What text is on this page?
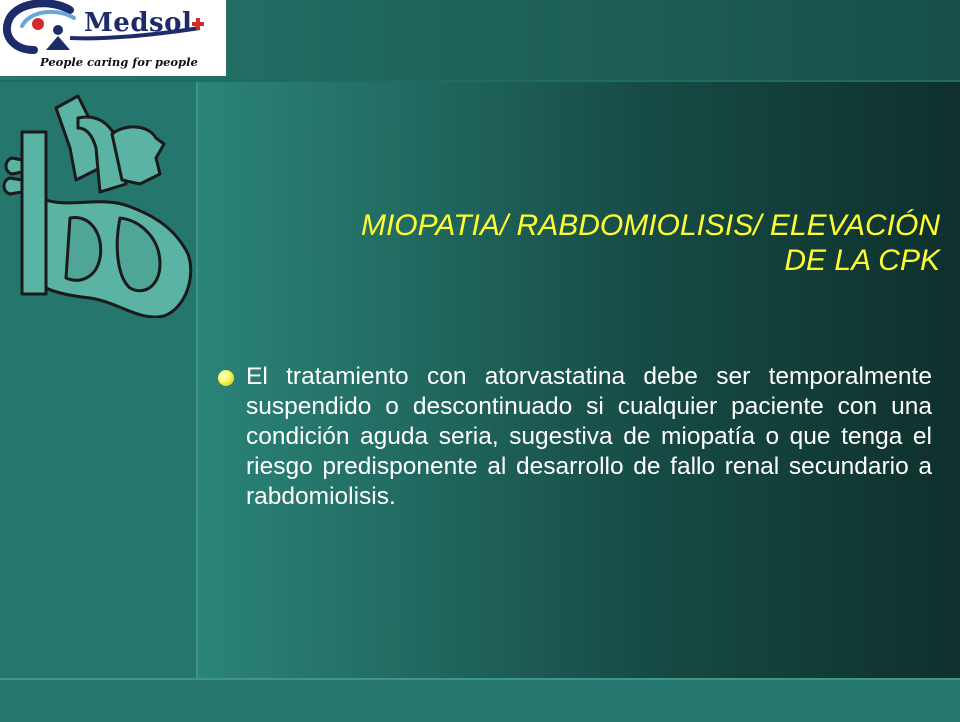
Medsol
People caring for people
MIOPATIA/ RABDOMIOLISIS/ ELEVACIÓN
DE LA CPK
El tratamiento con atorvastatina debe ser temporalmente suspendido o descontinuado si cualquier paciente con una condición aguda seria, sugestiva de miopatía o que tenga el riesgo predisponente al desarrollo de fallo renal secundario a rabdomiolisis.
